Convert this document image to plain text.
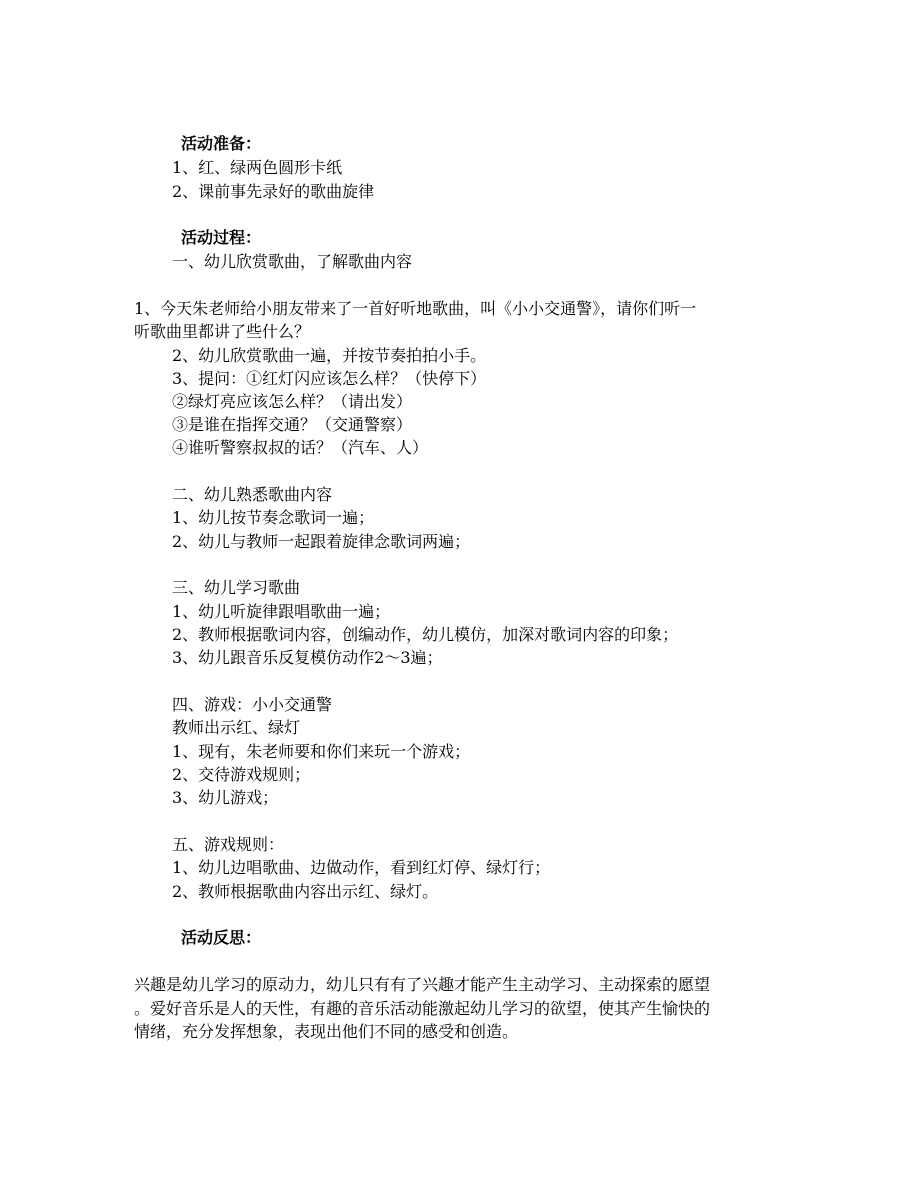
活动准备：
1、红、绿两色圆形卡纸
2、课前事先录好的歌曲旋律
活动过程：
一、幼儿欣赏歌曲，了解歌曲内容
1、今天朱老师给小朋友带来了一首好听地歌曲，叫《小小交通警》，请你们听一
听歌曲里都讲了些什么？
2、幼儿欣赏歌曲一遍，并按节奏拍拍小手。
3、提问：①红灯闪应该怎么样？（快停下）
②绿灯亮应该怎么样？（请出发）
③是谁在指挥交通？（交通警察）
④谁听警察叔叔的话？（汽车、人）
二、幼儿熟悉歌曲内容
1、幼儿按节奏念歌词一遍；
2、幼儿与教师一起跟着旋律念歌词两遍；
三、幼儿学习歌曲
1、幼儿听旋律跟唱歌曲一遍；
2、教师根据歌词内容，创编动作，幼儿模仿，加深对歌词内容的印象；
3、幼儿跟音乐反复模仿动作2～3遍；
四、游戏：小小交通警
教师出示红、绿灯
1、现有，朱老师要和你们来玩一个游戏；
2、交待游戏规则；
3、幼儿游戏；
五、游戏规则：
1、幼儿边唱歌曲、边做动作，看到红灯停、绿灯行；
2、教师根据歌曲内容出示红、绿灯。
活动反思：
兴趣是幼儿学习的原动力，幼儿只有有了兴趣才能产生主动学习、主动探索的愿望
。爱好音乐是人的天性，有趣的音乐活动能激起幼儿学习的欲望，使其产生愉快的
情绪，充分发挥想象，表现出他们不同的感受和创造。
